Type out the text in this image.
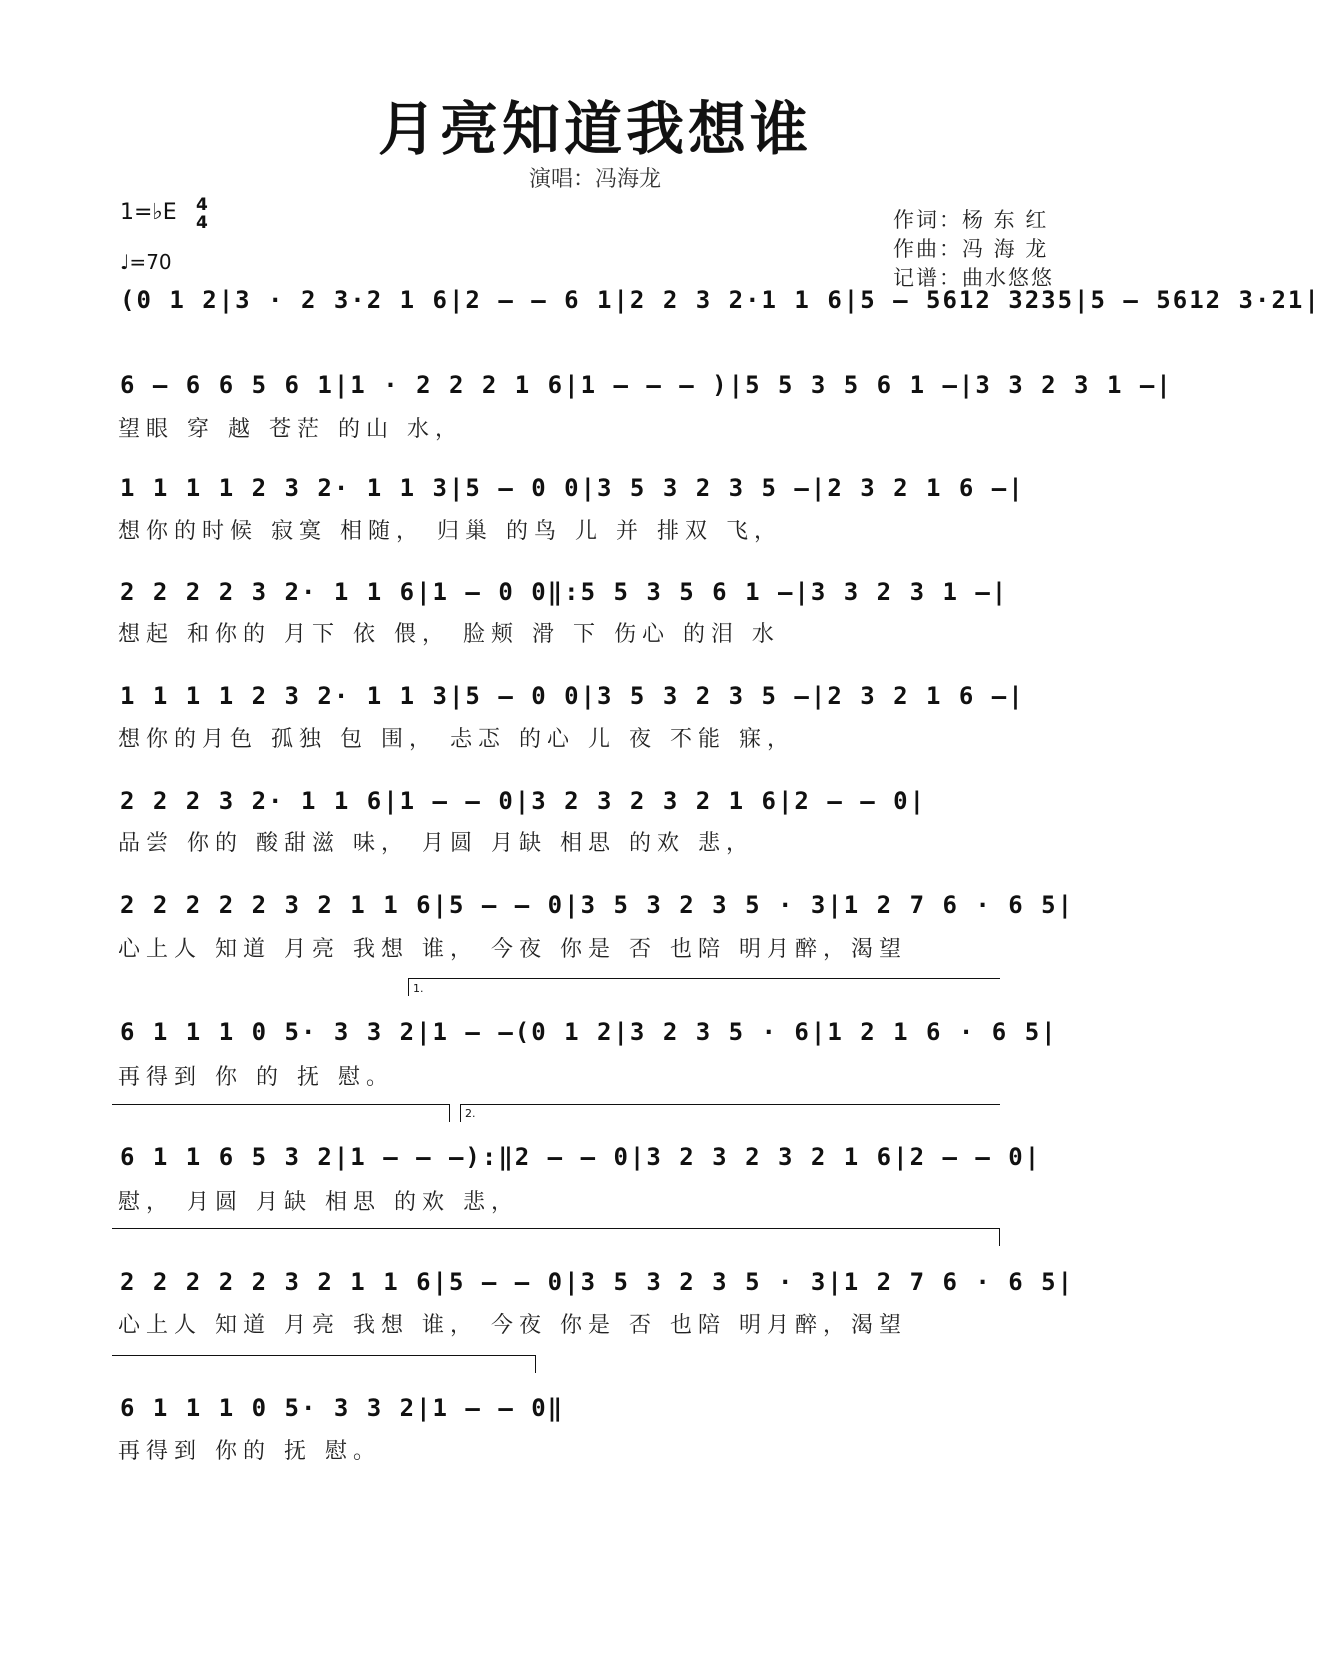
月亮知道我想谁
演唱：冯海龙
1=♭E 4
4
♩=70
作词：杨 东 红
作曲：冯 海 龙
记谱：曲水悠悠
(0 1 2|3 · 2 3·2 1 6|2 – – 6 1|2 2 3 2·1 1 6|5 – 5612 3235|5 – 5612 3·21|
6 – 6 6 5 6 1|1 · 2 2 2 1 6|1 – – – )|5 5 3 5 6 1 –|3 3 2 3 1 –|
望眼 穿 越 苍茫 的山 水，
1 1 1 1 2 3 2· 1 1 3|5 – 0 0|3 5 3 2 3 5 –|2 3 2 1 6 –|
想你的时候 寂寞 相随， 归巢 的鸟 儿 并 排双 飞，
2 2 2 2 3 2· 1 1 6|1 – 0 0‖:5 5 3 5 6 1 –|3 3 2 3 1 –|
想起 和你的 月下 依 偎， 脸颊 滑 下 伤心 的泪 水
1 1 1 1 2 3 2· 1 1 3|5 – 0 0|3 5 3 2 3 5 –|2 3 2 1 6 –|
想你的月色 孤独 包 围， 忐忑 的心 儿 夜 不能 寐，
2 2 2 3 2· 1 1 6|1 – – 0|3 2 3 2 3 2 1 6|2 – – 0|
品尝 你的 酸甜滋 味， 月圆 月缺 相思 的欢 悲，
2 2 2 2 2 3 2 1 1 6|5 – – 0|3 5 3 2 3 5 · 3|1 2 7 6 · 6 5|
心上人 知道 月亮 我想 谁， 今夜 你是 否 也陪 明月醉，渴望
1.
6 1 1 1 0 5· 3 3 2|1 – –(0 1 2|3 2 3 5 · 6|1 2 1 6 · 6 5|
再得到 你 的 抚 慰。
2.
6 1 1 6 5 3 2|1 – – –):‖2 – – 0|3 2 3 2 3 2 1 6|2 – – 0|
慰， 月圆 月缺 相思 的欢 悲，
2 2 2 2 2 3 2 1 1 6|5 – – 0|3 5 3 2 3 5 · 3|1 2 7 6 · 6 5|
心上人 知道 月亮 我想 谁， 今夜 你是 否 也陪 明月醉，渴望
6 1 1 1 0 5· 3 3 2|1 – – 0‖
再得到 你的 抚 慰。
